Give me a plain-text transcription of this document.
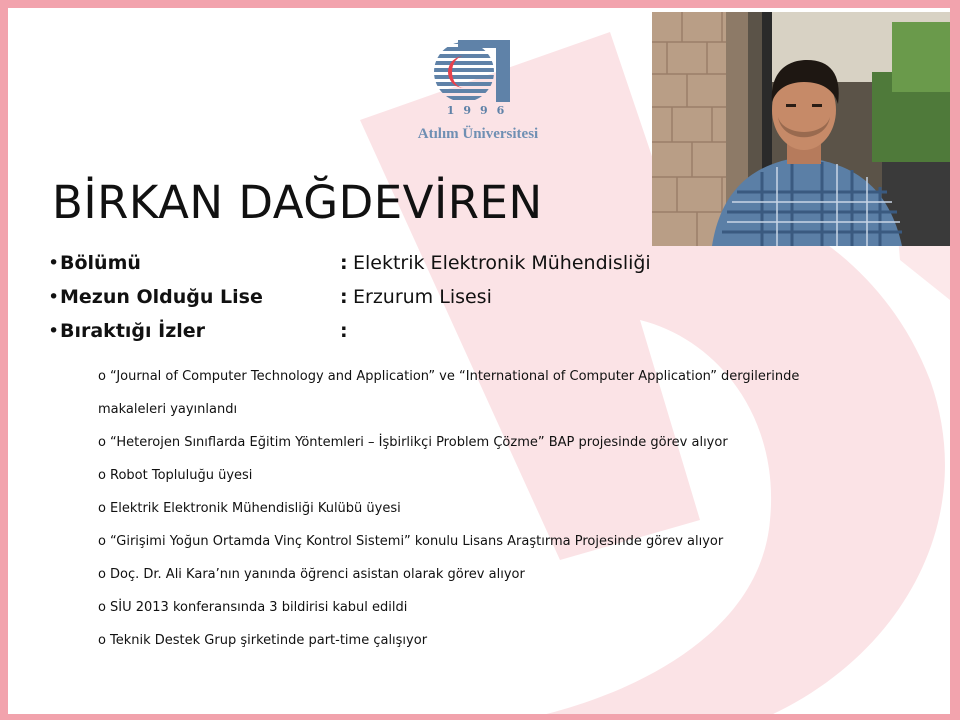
1996
Atılım Üniversitesi
BİRKAN DAĞDEVİREN
•Bölümü	: Elektrik Elektronik Mühendisliği
•Mezun Olduğu Lise	: Erzurum Lisesi
•Bıraktığı İzler	:
o “Journal of Computer Technology and Application” ve “International of Computer Application” dergilerinde
makaleleri yayınlandı
o “Heterojen Sınıflarda Eğitim Yöntemleri – İşbirlikçi Problem Çözme” BAP projesinde görev alıyor
o Robot Topluluğu üyesi
o Elektrik Elektronik Mühendisliği Kulübü üyesi
o “Girişimi Yoğun Ortamda Vinç Kontrol Sistemi” konulu Lisans Araştırma Projesinde görev alıyor
o Doç. Dr. Ali Kara’nın yanında öğrenci asistan olarak görev alıyor
o SİU 2013 konferansında 3 bildirisi kabul edildi
o Teknik Destek Grup şirketinde part-time çalışıyor
